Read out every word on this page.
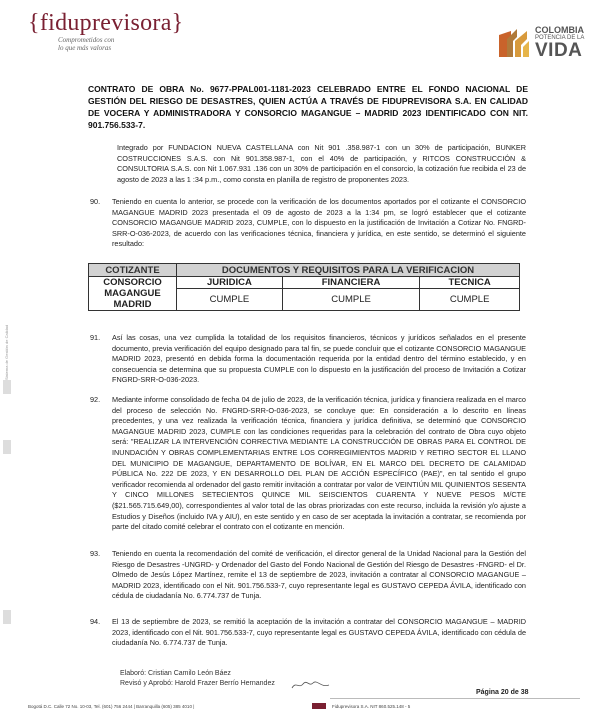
{fiduprevisora}
Comprometidos con
lo que más valoras
COLOMBIA
POTENCIA DE LA
VIDA
CONTRATO DE OBRA No. 9677-PPAL001-1181-2023 CELEBRADO ENTRE EL FONDO NACIONAL DE GESTIÓN DEL RIESGO DE DESASTRES, QUIEN ACTÚA A TRAVÉS DE FIDUPREVISORA S.A. EN CALIDAD DE VOCERA Y ADMINISTRADORA Y CONSORCIO MAGANGUE – MADRID 2023 IDENTIFICADO CON NIT. 901.756.533-7.
Integrado por FUNDACION NUEVA CASTELLANA con Nit 901 .358.987-1 con un 30% de participación, BUNKER COSTRUCCIONES S.A.S. con Nit 901.358.987-1, con el 40% de participación, y RITCOS CONSTRUCCIÓN & CONSULTORIA S.A.S. con Nit 1.067.931 .136 con un 30% de participación en el consorcio, la cotización fue recibida el 23 de agosto de 2023 a las 1 :34 p.m., como consta en planilla de registro de proponentes 2023.
90. Teniendo en cuenta lo anterior, se procede con la verificación de los documentos aportados por el cotizante el CONSORCIO MAGANGUE MADRID 2023 presentada el 09 de agosto de 2023 a la 1:34 pm, se logró establecer que el cotizante CONSORCIO MAGANGUE MADRID 2023, CUMPLE, con lo dispuesto en la justificación de Invitación a Cotizar No. FNGRD-SRR-O-036-2023, de acuerdo con las verificaciones técnica, financiera y jurídica, en este sentido, se determinó el siguiente resultado:
COTIZANTE	DOCUMENTOS Y REQUISITOS PARA LA VERIFICACION		

CONSORCIO
MAGANGUE
MADRID	JURIDICA	FINANCIERA	TECNICA
	CUMPLE	CUMPLE	CUMPLE
91. Así las cosas, una vez cumplida la totalidad de los requisitos financieros, técnicos y jurídicos señalados en el presente documento, previa verificación del equipo designado para tal fin, se puede concluir que el cotizante CONSORCIO MAGANGUE MADRID 2023, presentó en debida forma la documentación requerida por la entidad dentro del término establecido, y en consecuencia se determina que su propuesta CUMPLE con lo dispuesto en la justificación del proceso de Invitación a Cotizar FNGRD-SRR-O-036-2023.
92. Mediante informe consolidado de fecha 04 de julio de 2023, de la verificación técnica, jurídica y financiera realizada en el marco del proceso de selección No. FNGRD-SRR-O-036-2023, se concluye que: En consideración a lo descrito en líneas precedentes, y una vez realizada la verificación técnica, financiera y jurídica definitiva, se determinó que CONSORCIO MAGANGUE MADRID 2023, CUMPLE con las condiciones requeridas para la celebración del contrato de Obra cuyo objeto será: "REALIZAR LA INTERVENCIÓN CORRECTIVA MEDIANTE LA CONSTRUCCIÓN DE OBRAS PARA EL CONTROL DE INUNDACIÓN Y OBRAS COMPLEMENTARIAS ENTRE LOS CORREGIMIENTOS MADRID Y RETIRO SECTOR EL LLANO DEL MUNICIPIO DE MAGANGUE, DEPARTAMENTO DE BOLÍVAR, EN EL MARCO DEL DECRETO DE CALAMIDAD PÚBLICA No. 222 DE 2023, Y EN DESARROLLO DEL PLAN DE ACCIÓN ESPECÍFICO (PAE)", en tal sentido el grupo verificador recomienda al ordenador del gasto remitir invitación a contratar por valor de VEINTIÚN MIL QUINIENTOS SESENTA Y CINCO MILLONES SETECIENTOS QUINCE MIL SEISCIENTOS CUARENTA Y NUEVE PESOS M/CTE ($21.565.715.649,00), correspondientes al valor total de las obras priorizadas con este recurso, incluida la revisión y/o ajuste a Estudios y Diseños (incluido IVA y AIU), en este sentido y en caso de ser aceptada la invitación a contratar, se recomienda por parte del citado comité celebrar el contrato con el cotizante en mención.
93. Teniendo en cuenta la recomendación del comité de verificación, el director general de la Unidad Nacional para la Gestión del Riesgo de Desastres -UNGRD- y Ordenador del Gasto del Fondo Nacional de Gestión del Riesgo de Desastres -FNGRD- el Dr. Olmedo de Jesús López Martínez, remite el 13 de septiembre de 2023, invitación a contratar al CONSORCIO MAGANGUE – MADRID 2023, identificado con el Nit. 901.756.533-7, cuyo representante legal es GUSTAVO CEPEDA ÁVILA, identificado con cédula de ciudadanía No. 6.774.737 de Tunja.
94. El 13 de septiembre de 2023, se remitió la aceptación de la invitación a contratar del CONSORCIO MAGANGUE – MADRID 2023, identificado con el Nit. 901.756.533-7, cuyo representante legal es GUSTAVO CEPEDA ÁVILA, identificado con cédula de ciudadanía No. 6.774.737 de Tunja.
Elaboró: Cristian Camilo León Báez
Revisó y Aprobó: Harold Frazer Berrío Hernandez
Página 20 de 38
Bogotá D.C. Calle 72 No. 10-03, Tel. (601) 756 2444 | Barranquilla (605) 385 4010 |	Fiduprevisora S.A. NIT 860.525.148 - 5
Sistema de Gestión de Calidad
